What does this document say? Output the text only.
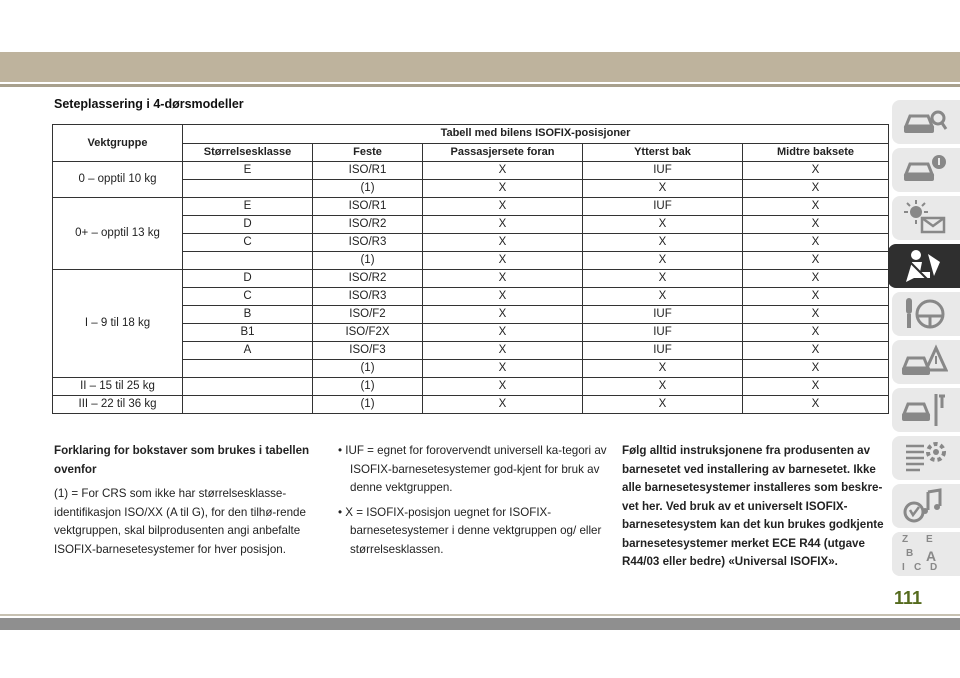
Seteplassering i 4-dørsmodeller
Vektgruppe	Tabell med bilens ISOFIX-posisjoner				
	Størrelsesklasse	Feste	Passasjersete foran	Ytterst bak	Midtre baksete
0 – opptil 10 kg	E	ISO/R1	X	IUF	X
		(1)	X	X	X
0+ – opptil 13 kg	E	ISO/R1	X	IUF	X
	D	ISO/R2	X	X	X
	C	ISO/R3	X	X	X
		(1)	X	X	X
I – 9 til 18 kg	D	ISO/R2	X	X	X
	C	ISO/R3	X	X	X
	B	ISO/F2	X	IUF	X
	B1	ISO/F2X	X	IUF	X
	A	ISO/F3	X	IUF	X
		(1)	X	X	X
II – 15 til 25 kg		(1)	X	X	X
III – 22 til 36 kg		(1)	X	X	X

Forklaring for bokstaver som brukes i tabellen ovenfor

(1) = For CRS som ikke har størrelsesklasse-identifikasjon ISO/XX (A til G), for den tilhø-rende vektgruppen, skal bilprodusenten angi anbefalte ISOFIX-barnesetesystemer for hver posisjon.

• IUF = egnet for forovervendt universell ka-tegori av ISOFIX-barnesetesystemer god-kjent for bruk av denne vektgruppen.

• X = ISOFIX-posisjon uegnet for ISOFIX-barnesetesystemer i denne vektgruppen og/ eller størrelsesklassen.

Følg alltid instruksjonene fra produsenten av barnesetet ved installering av barnesetet. Ikke alle barnesetesystemer installeres som beskre-vet her. Ved bruk av et universelt ISOFIX-barnesetesystem kan det kun brukes godkjente barnesetesystemer merket ECE R44 (utgave R44/03 eller bedre) «Universal ISOFIX».

Z E
B A
I C D
111
